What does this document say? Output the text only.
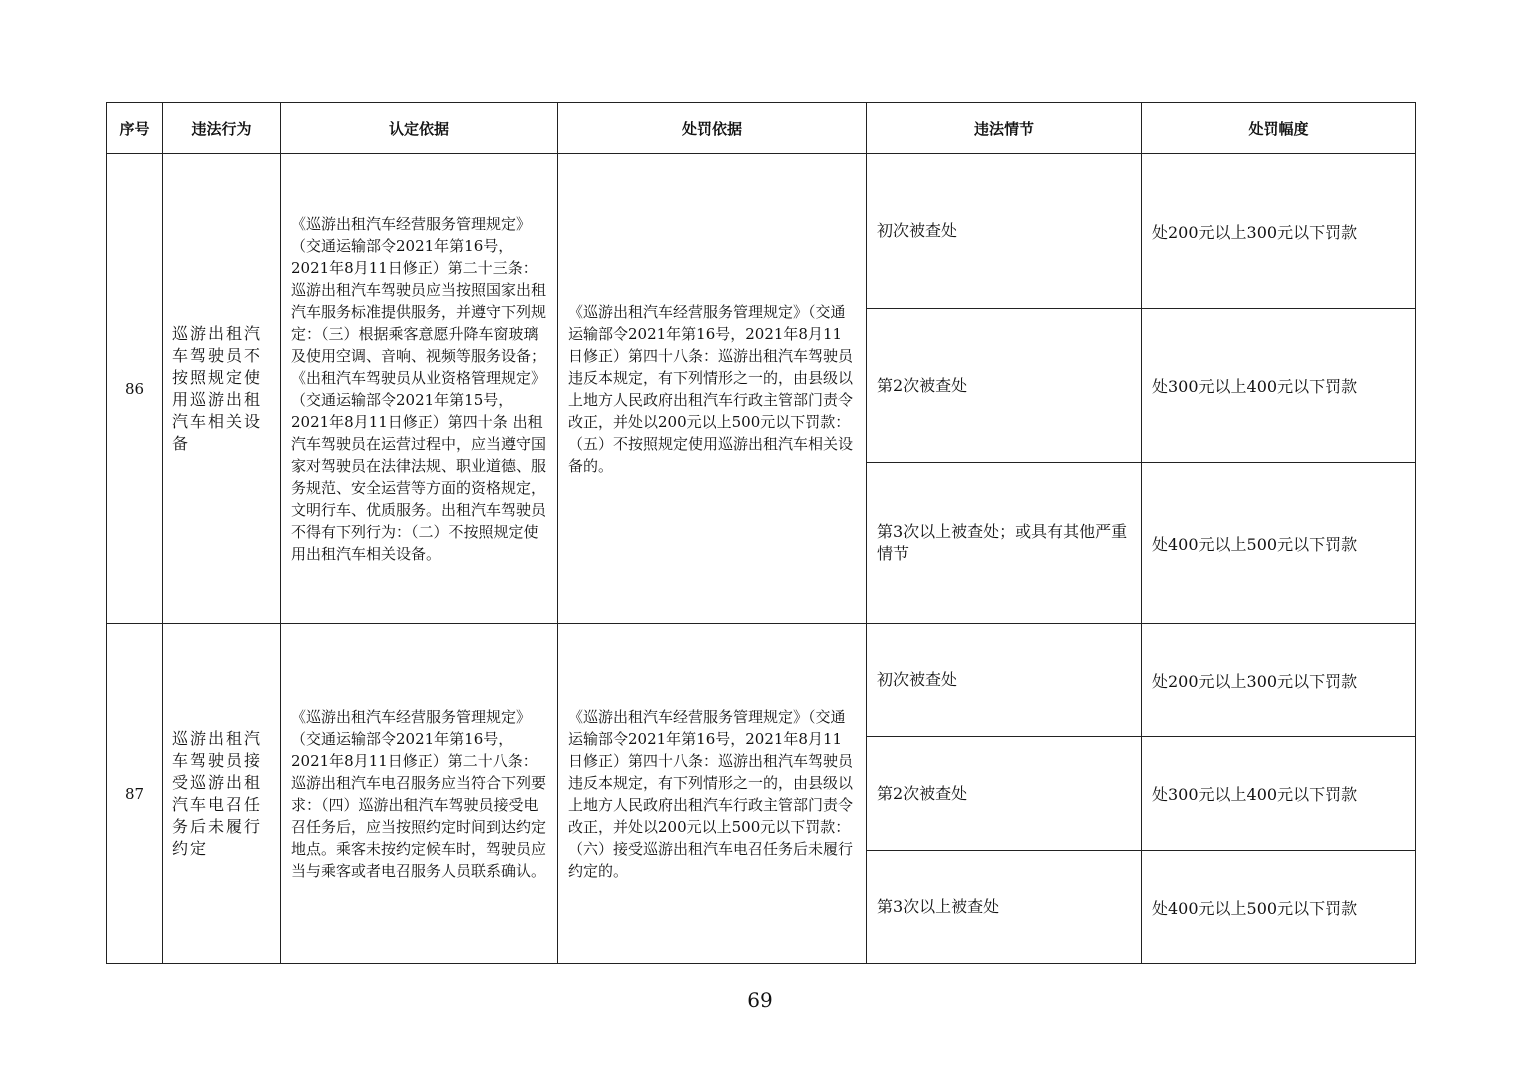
序号	违法行为	认定依据	处罚依据	违法情节	处罚幅度
86	巡游出租汽车驾驶员不按照规定使用巡游出租汽车相关设备	《巡游出租汽车经营服务管理规定》（交通运输部令2021年第16号，2021年8月11日修正）第二十三条：巡游出租汽车驾驶员应当按照国家出租汽车服务标准提供服务，并遵守下列规定：（三）根据乘客意愿升降车窗玻璃及使用空调、音响、视频等服务设备；《出租汽车驾驶员从业资格管理规定》（交通运输部令2021年第15号，2021年8月11日修正）第四十条 出租汽车驾驶员在运营过程中，应当遵守国家对驾驶员在法律法规、职业道德、服务规范、安全运营等方面的资格规定，文明行车、优质服务。出租汽车驾驶员不得有下列行为：（二）不按照规定使用出租汽车相关设备。	《巡游出租汽车经营服务管理规定》（交通运输部令2021年第16号，2021年8月11日修正）第四十八条：巡游出租汽车驾驶员违反本规定，有下列情形之一的，由县级以上地方人民政府出租汽车行政主管部门责令改正，并处以200元以上500元以下罚款：（五）不按照规定使用巡游出租汽车相关设备的。	初次被查处	处200元以上300元以下罚款
				第2次被查处	处300元以上400元以下罚款
				第3次以上被查处；或具有其他严重情节	处400元以上500元以下罚款
87	巡游出租汽车驾驶员接受巡游出租汽车电召任务后未履行约定	《巡游出租汽车经营服务管理规定》（交通运输部令2021年第16号，2021年8月11日修正）第二十八条：巡游出租汽车电召服务应当符合下列要求：（四）巡游出租汽车驾驶员接受电召任务后，应当按照约定时间到达约定地点。乘客未按约定候车时，驾驶员应当与乘客或者电召服务人员联系确认。	《巡游出租汽车经营服务管理规定》（交通运输部令2021年第16号，2021年8月11日修正）第四十八条：巡游出租汽车驾驶员违反本规定，有下列情形之一的，由县级以上地方人民政府出租汽车行政主管部门责令改正，并处以200元以上500元以下罚款：（六）接受巡游出租汽车电召任务后未履行约定的。	初次被查处	处200元以上300元以下罚款
				第2次被查处	处300元以上400元以下罚款
				第3次以上被查处	处400元以上500元以下罚款
69
